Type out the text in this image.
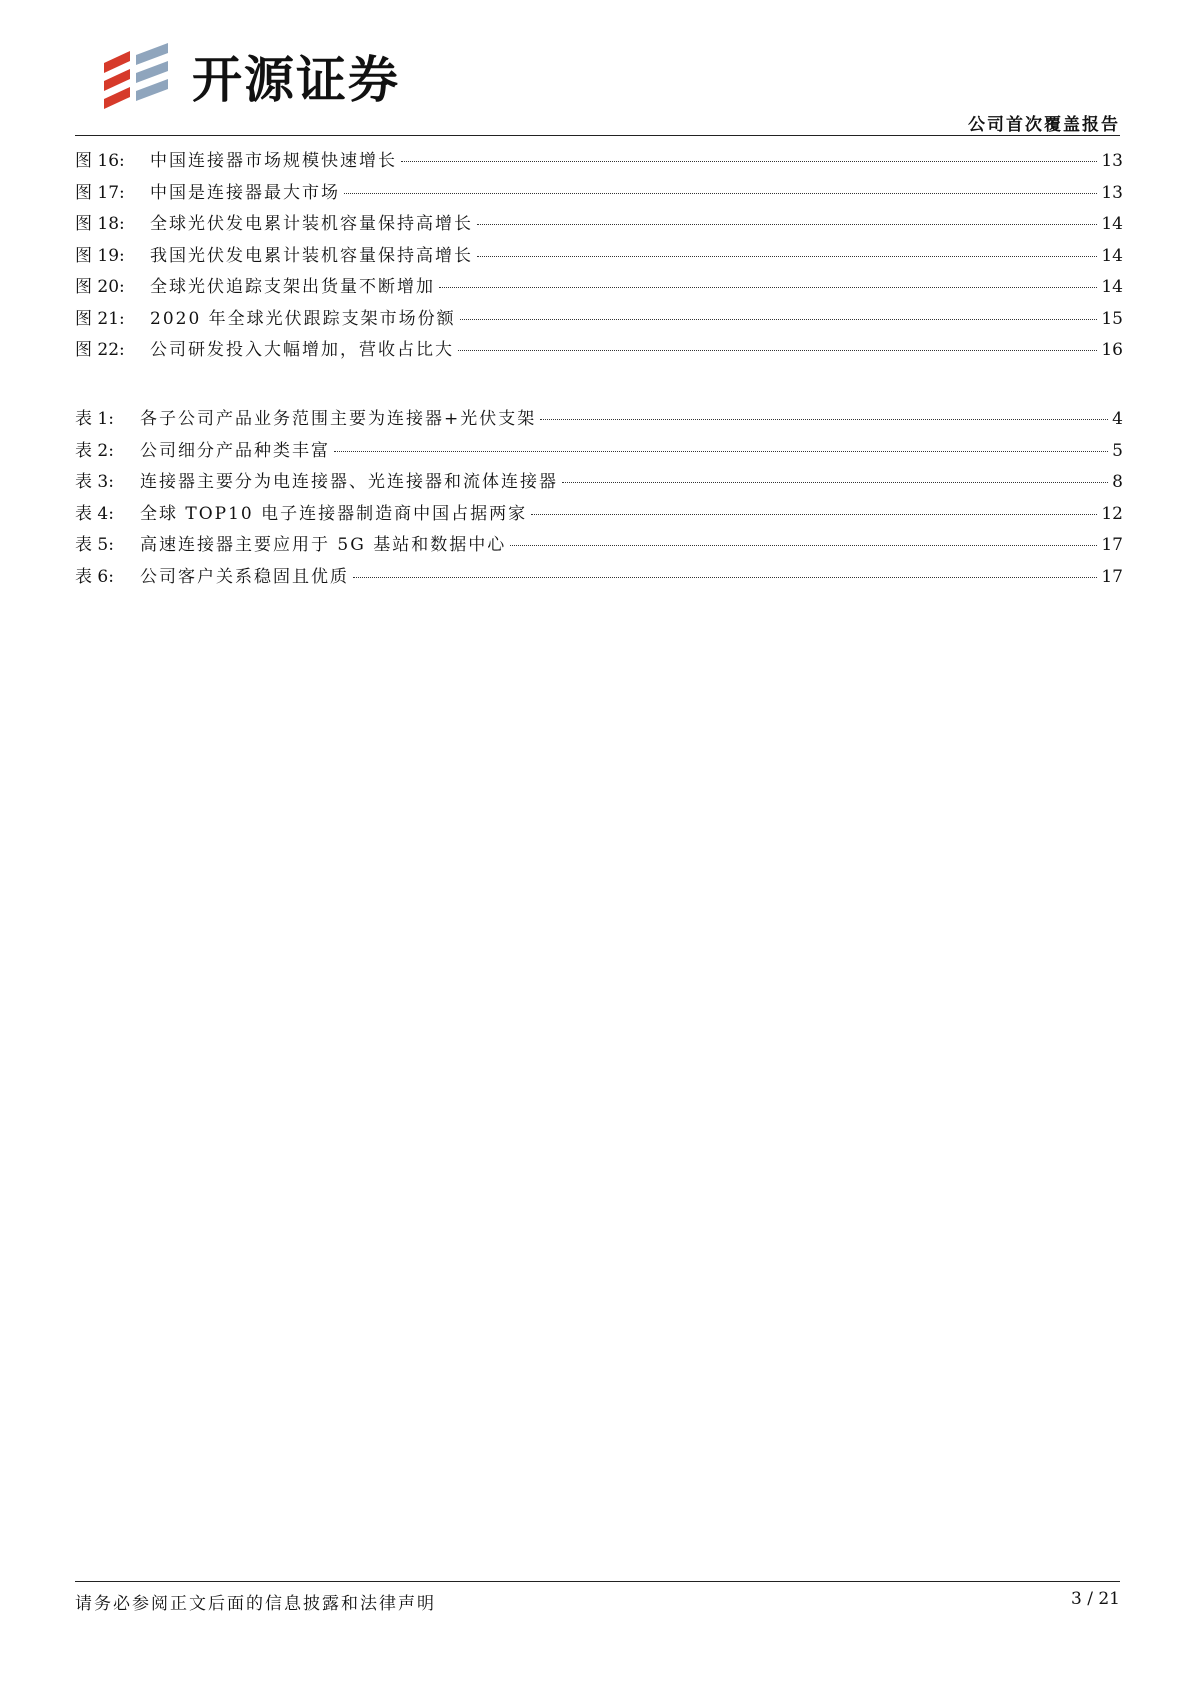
开源证券
公司首次覆盖报告
图 16:	中国连接器市场规模快速增长	13
图 17:	中国是连接器最大市场	13
图 18:	全球光伏发电累计装机容量保持高增长	14
图 19:	我国光伏发电累计装机容量保持高增长	14
图 20:	全球光伏追踪支架出货量不断增加	14
图 21:	2020 年全球光伏跟踪支架市场份额	15
图 22:	公司研发投入大幅增加，营收占比大	16
表 1:	各子公司产品业务范围主要为连接器+光伏支架	4
表 2:	公司细分产品种类丰富	5
表 3:	连接器主要分为电连接器、光连接器和流体连接器	8
表 4:	全球 TOP10 电子连接器制造商中国占据两家	12
表 5:	高速连接器主要应用于 5G 基站和数据中心	17
表 6:	公司客户关系稳固且优质	17
请务必参阅正文后面的信息披露和法律声明	3 / 21
